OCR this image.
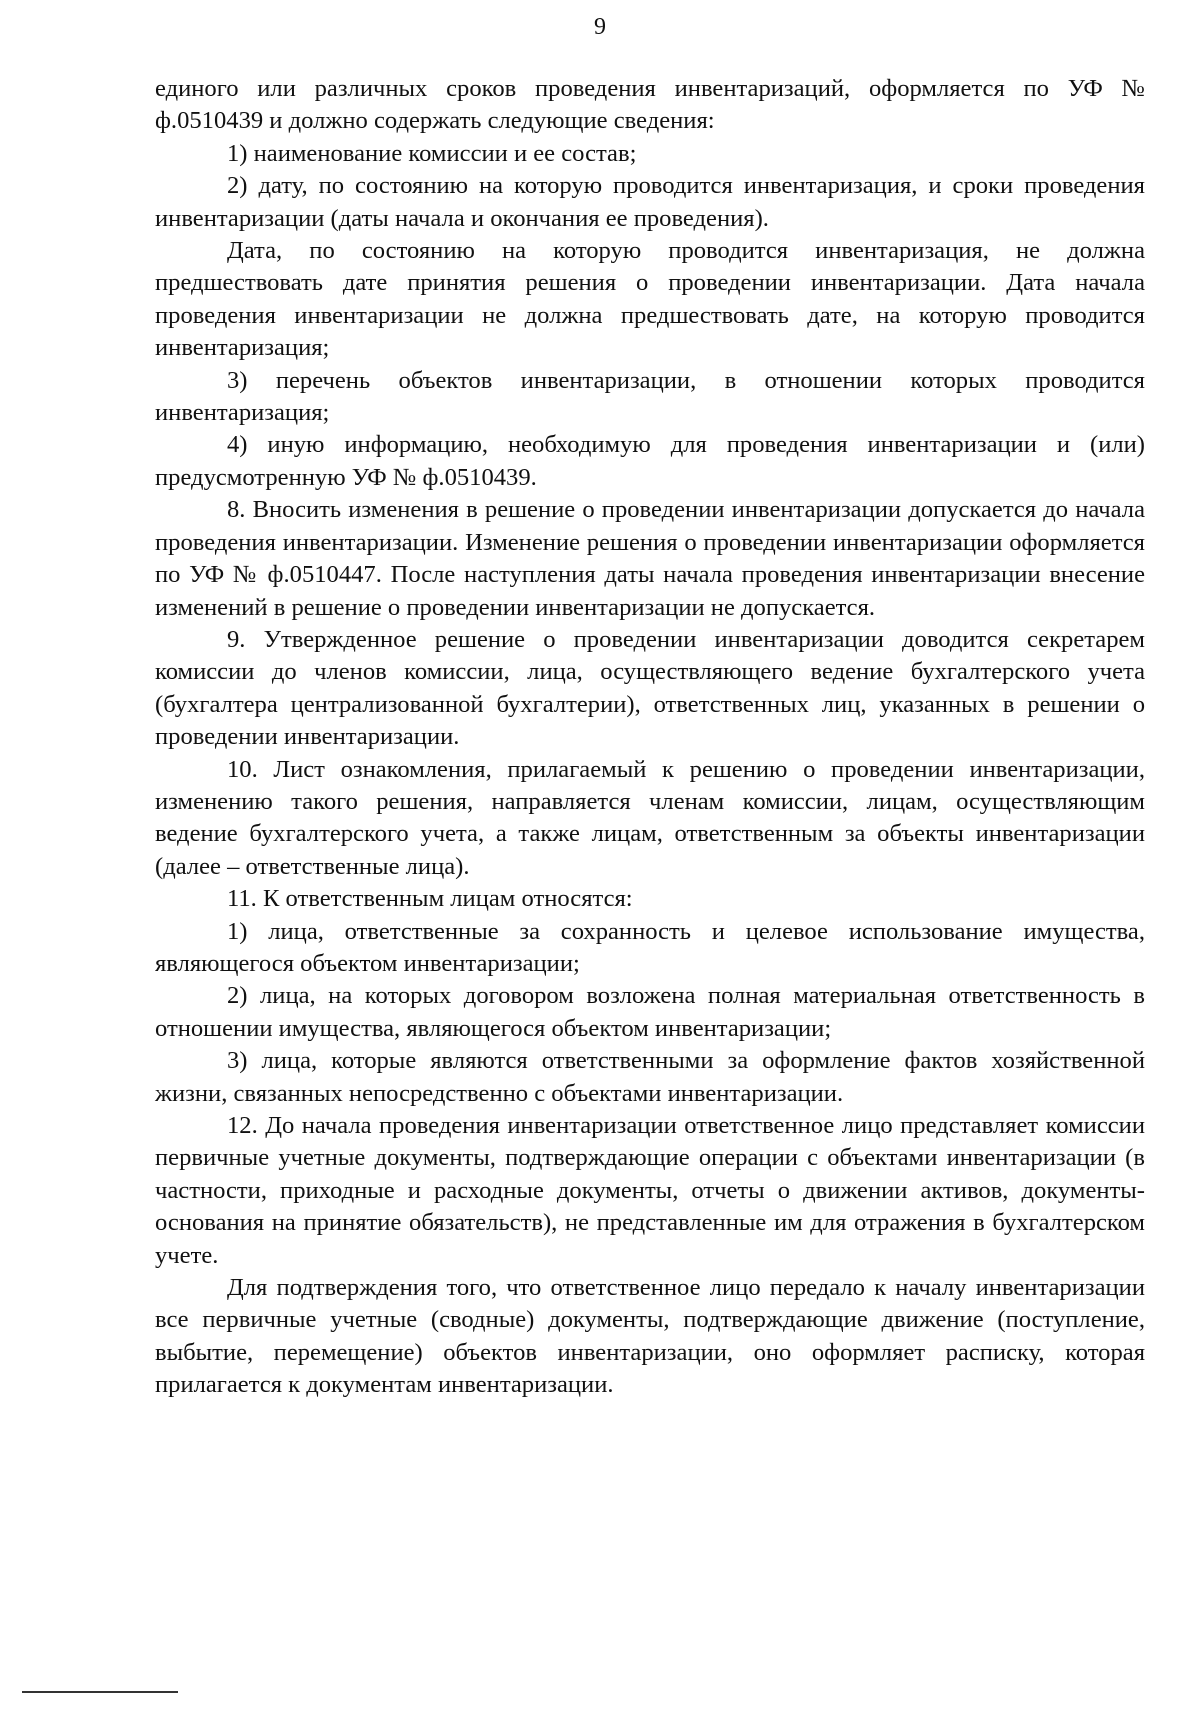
9

единого или различных сроков проведения инвентаризаций, оформляется по УФ № ф.0510439 и должно содержать следующие сведения:

1) наименование комиссии и ее состав;

2) дату, по состоянию на которую проводится инвентаризация, и сроки проведения инвентаризации (даты начала и окончания ее проведения).

Дата, по состоянию на которую проводится инвентаризация, не должна предшествовать дате принятия решения о проведении инвентаризации. Дата начала проведения инвентаризации не должна предшествовать дате, на которую проводится инвентаризация;

3) перечень объектов инвентаризации, в отношении которых проводится инвентаризация;

4) иную информацию, необходимую для проведения инвентаризации и (или) предусмотренную УФ № ф.0510439.

8. Вносить изменения в решение о проведении инвентаризации допускается до начала проведения инвентаризации. Изменение решения о проведении инвентаризации оформляется по УФ № ф.0510447. После наступления даты начала проведения инвентаризации внесение изменений в решение о проведении инвентаризации не допускается.

9. Утвержденное решение о проведении инвентаризации доводится секретарем комиссии до членов комиссии, лица, осуществляющего ведение бухгалтерского учета (бухгалтера централизованной бухгалтерии), ответственных лиц, указанных в решении о проведении инвентаризации.

10. Лист ознакомления, прилагаемый к решению о проведении инвентаризации, изменению такого решения, направляется членам комиссии, лицам, осуществляющим ведение бухгалтерского учета, а также лицам, ответственным за объекты инвентаризации (далее – ответственные лица).

11. К ответственным лицам относятся:

1) лица, ответственные за сохранность и целевое использование имущества, являющегося объектом инвентаризации;

2) лица, на которых договором возложена полная материальная ответственность в отношении имущества, являющегося объектом инвентаризации;

3) лица, которые являются ответственными за оформление фактов хозяйственной жизни, связанных непосредственно с объектами инвентаризации.

12. До начала проведения инвентаризации ответственное лицо представляет комиссии первичные учетные документы, подтверждающие операции с объектами инвентаризации (в частности, приходные и расходные документы, отчеты о движении активов, документы-основания на принятие обязательств), не представленные им для отражения в бухгалтерском учете.

Для подтверждения того, что ответственное лицо передало к началу инвентаризации все первичные учетные (сводные) документы, подтверждающие движение (поступление, выбытие, перемещение) объектов инвентаризации, оно оформляет расписку, которая прилагается к документам инвентаризации.
